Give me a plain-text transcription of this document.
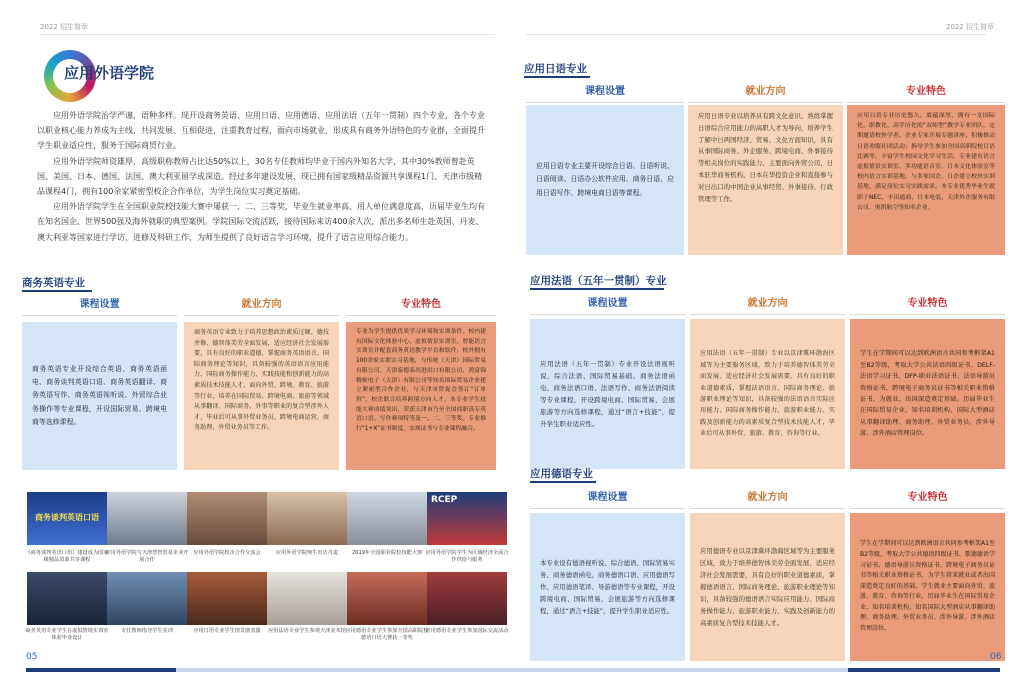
2022 招生简章
应用外语学院

应用外语学院治学严谨，语种多样。现开设商务英语、应用日语、应用德语、应用法语（五年一贯制）四个专业，各个专业以职业核心能力养成为主线，共同发展、互相促进，注重教育过程，面向市场就业，形成具有商务外语特色的专业群，全面提升学生职业适应性，服务于国际商贸行业。

应用外语学院师资雄厚，高级职称教师占比达50%以上，30名专任教师均毕业于国内外知名大学，其中30%教师曾赴英国、美国、日本、德国、法国、澳大利亚留学或深造。经过多年建设发展，现已拥有国家级精品资源共享课程1门、天津市级精品课程4门，拥有100余家紧密型校企合作单位，为学生岗位实习奠定基础。

应用外语学院学生在全国职业院校技能大赛中屡获一、二、三等奖，毕业生就业率高、用人单位满意度高，历届毕业生均有在知名国企、世界500强及海外就职的典型案例。学院国际交流活跃，接待国际来访400余人次，派出多名师生赴英国、丹麦、澳大利亚等国家进行学访、进修及科研工作，为师生提供了良好语言学习环境，提升了语言应用综合能力。

商务英语专业
课程设置
商务英语专业开设综合英语、商务英语函电、商务谈判英语口语、商务英语翻译、商务英语写作、商务英语视听说、外贸综合业务操作等专业课程，开设国际贸易、跨境电商等选修课程。
就业方向
商务英语专业致力于培养思想政治素质过硬、德技并修、德智体美劳全面发展，适应经济社会发展需要，具有良好的职业道德，掌握商务英语语言、国际商务理论等知识，具备较强的英语语言应用能力、国际商务操作能力、实践技能和创新能力的高素质技术技能人才，面向外贸、跨境、教育、旅游等行业，培养在国际贸易、跨境电商、旅游等领域从事翻译、国际商务、外事等职业的复合型涉外人才，毕业后可从事外贸业务员、跨境电商运营、商务助理、外贸业务员等工作。
专业特色
专业为学生提供优质学习环境和实训条件。校内建有国际文化体验中心、虚拟情景实训室、智能语言实训室并配套商务英语教学平台和软件；校外拥有100余家实训实习基地，与传统（天津）国际贸易有限公司、天津泰德泰出进出口有限公司、鸿富锦精密电子（天津）有限公司等知名国际贸易企业建立紧密型合作企业，与天津市贸促会签订“订单班”，校企联合培养跨境方向人才。本专业学生技能大赛成绩突出，荣获天津市乃至全国商职高专英语口语、写作赛项特等及一、二、三等奖。专业推行“1+X”证书制度，实现证书与专业课程融合。
商务谈判英语口语
RCEP
《商务谈判英语口语》建设成为国家级精品资源共享课程
应用外语学院与天津慧智贸易企业开展合作
应用外语学院校企合作交流会	应用外语学院师生出访丹麦	2019年全国职业院校技能大赛 应用外语学院学生为区域经济全面合作供给与服务
商务英语专业学生在虚拟情境实训室体验毕业设计
专任教师指导学生实训	应用日语专业学生情景剧表演	应用法语专业学生参观天津美术馆 应用德语专业学生参加全国高职院校德语口语大赛获一等奖
应用德语专业学生参加国际交流活动
05
2022 招生简章
应用日语专业
课程设置
应用日语专业主要开设综合日语、日语听说、日语阅读、日语办公软件应用、商务日语、应用日语写作、跨境电商日语等课程。
就业方向
应用日语专业以培养具有跨文化意识、熟练掌握日语综合应用能力的高职人才为导向，培养学生了解中日两国经济、贸易、文化方面知识，具有从事国际商务、外企服务、跨境电商、外事接待等相关岗位的实践能力、主要面向外贸公司、日本驻华商务机构、日本在华投资企业和直接参与对日出口的中国企业从事经贸、外事接待、行政管理等工作。
专业特色
应用日语专业历史悠久，底蕴深厚，拥有一支国际化、职教化、高学历化的“双师型”教学专业团队，定期邀请校外学者、企业专家开展专题讲座；积极推动日语劝服社团活动；指导学生参加全国高职院校日语比赛等，丰富学生校园文化学习生活。专业建有语言虚拟情景实训室、多功能语音室、日本文化体验室等校内语言实训基地，与多家国企、日企建立校外实训基地，满足岗位实习实践需求。本专业优秀毕业生就职于NEC、丰田通商、日本电装、天津外企服务有限公司、奥凯航空等知名企业。
应用法语（五年一贯制）专业
课程设置
应用法语（五年一贯制）专业开设法语视听说、综合法语、国际贸易基础、商务法语函电、商务法语口语、法语写作、商务法语阅读等专业课程，开设跨境电商、国际贸易、会展旅游等方向选修课程，通过“语言+技能”，提升学生职业适应性。
就业方向
应用法语（五年一贯制）专业以京津冀环渤海区域等为主要服务区域，致力于培养德智体美劳全面发展、适应经济社会发展需要，具有良好的职业道德素质，掌握法语语言、国际商务理论、旅游职业理论等知识，具备较强的法语语言实际应用能力、国际商务操作能力、旅游职业能力、实践及创新能力的高素质复合型技术技能人才，毕业后可从事外贸、旅游、教育、咨询等行业。
专业特色
学生在学期间可以达到欧洲语言共同参考框架A1至B2等级，考取大学公共法语四级证书、DELF-法语学习证书、DFP-职业法语证书、法语导游员资格证书，跨境电子商务员证书等相关职业资格证书，为就业、出国深造奠定基础。历届毕业生在国际贸易企业、知名培训机构、国际大型酒店从事翻译助理、商务助理、外贸业务员、涉外导游、涉外酒店管理岗位。
应用德语专业
课程设置
本专业设有德语视听说、综合德语、国际贸易实务、商务德语函电、商务德语口语、应用德语写作、应用德语笔译、导游德语等专业课程，开设跨境电商、国际贸易、会展旅游等方向选修课程，通过“语言+技能”，提升学生职业适应性。
就业方向
应用德语专业以京津冀环渤海区域等为主要服务区域，致力于培养德智体美劳全面发展、适应经济社会发展需要，具有良好的职业道德素质，掌握德语语言、国际商务理论、旅游职业理论等知识，具备较强的德语语言实际应用能力、国际商务操作能力、旅游职业能力、实践及创新能力的高素质复合型技术技能人才。
专业特色
学生在学期间可以达到欧洲语言共同参考框架A1至B2等级，考取大学公共德语四级证书、歌德德语学习证书、德语导游员资格证书、跨境电子商务员证书等相关职业资格证书，为学生将来就业或者出国深造奠定良好的基础。学生就业主要面向外贸、旅游、教育、咨询等行业，历届毕业生在国际贸易企业、知名培训机构、知名国际大型酒店从事翻译助理、商务助理、外贸业务员、涉外导游、涉外酒店管理岗位。
06
